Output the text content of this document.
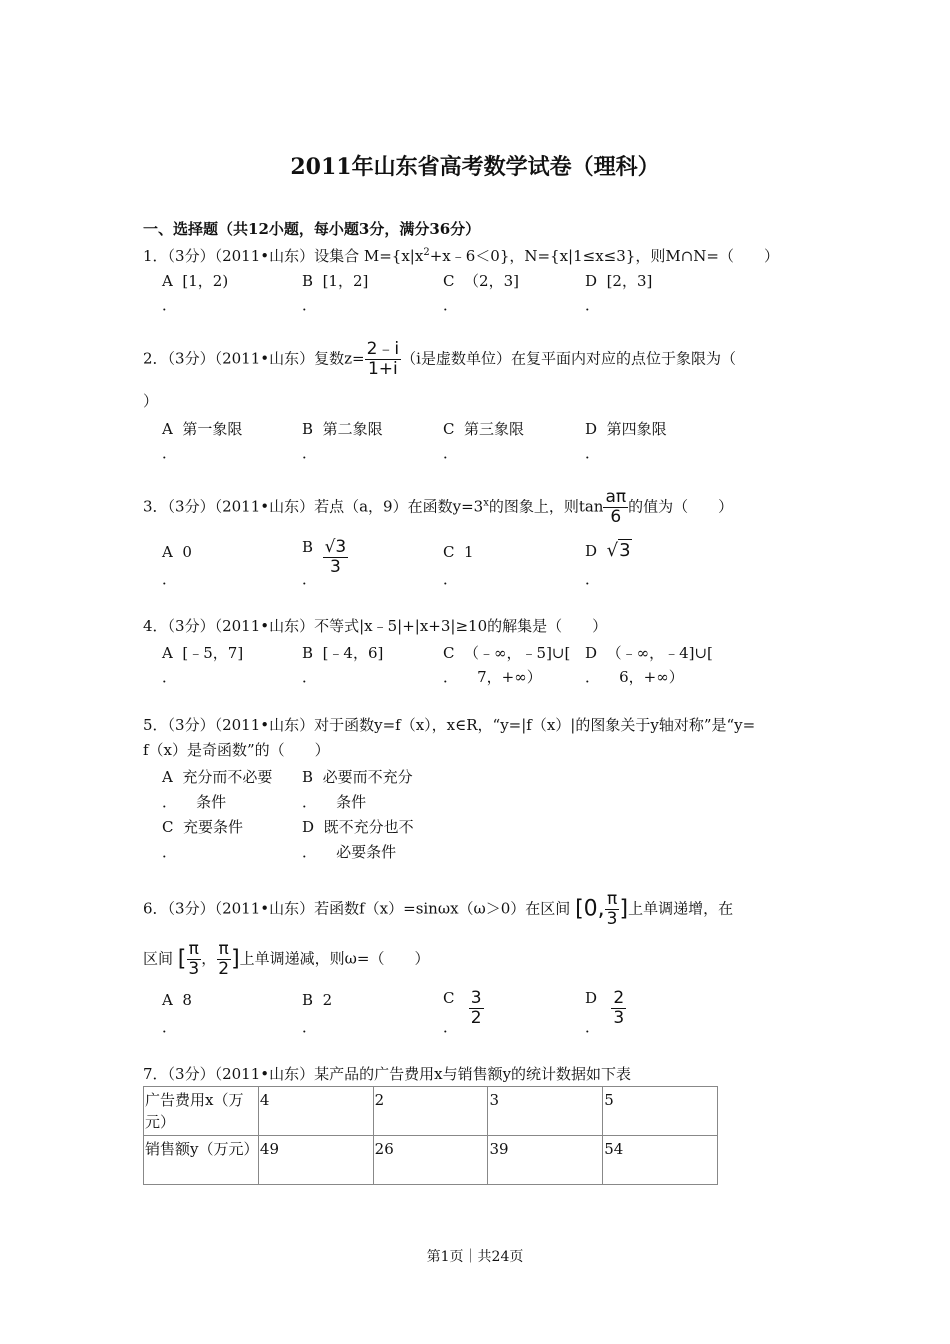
2011年山东省高考数学试卷（理科）
一、选择题（共12小题，每小题3分，满分36分）
1．（3分）（2011•山东）设集合 $M=\{x|x^2+x﹣6<0\}$，N={x|1≤x≤3}，则M∩N=（　　）
A [1，2)	B [1，2]	C （2，3]	D [2，3]
．	．	．	．
2．（3分）（2011•山东）复数$z= \frac{2﹣i}{1+i} (i$是虚数单位）在复平面内对应的点位于象限为（
）
A 第一象限	B 第二象限	C 第三象限	D 第四象限
．	．	．	．
3．（3分）（2011•山东）若点（a，9）在函数$y=3^x$的图象上，则$\tan \frac{a\pi}{6}$ 的值为（　　）
A 0	B $\frac{√3}{3}$	C 1	D √3
．	．	．	．
4．（3分）（2011•山东）不等式|x﹣5|+|x+3|≥10的解集是（　　）
A [﹣5，7]	B [﹣4，6]	C （﹣∞，﹣5]∪[ D （﹣∞，﹣4]∪[
．	．	． 7，+∞）	． 6，+∞）
5．（3分）（2011•山东）对于函数y=f（x），x∈R，“y=|f（x）|的图象关于y轴对称”是“y=
f（x）是奇函数”的（　　）
A 充分而不必要 B 必要而不充分
． 条件	． 条件
C 充要条件	D 既不充分也不
．	． 必要条件
6．（3分）（2011•山东）若函数f（x）=sinωx（ω＞0）在区间 [0, $\frac{\pi}{3}$ ]上单调递增，在
区间 [ $\frac{\pi}{3}$ ， $\frac{\pi}{2}$ ]上单调递减，则ω=（　　）
A 8	B 2	C $\frac{3}{2}$	D $\frac{2}{3}$
．	．	．	．
7．（3分）（2011•山东）某产品的广告费用x与销售额y的统计数据如下表
广告费用x（万元）	4	2	3	5
销售额y（万元）	49	26	39	54
第1页｜共24页
